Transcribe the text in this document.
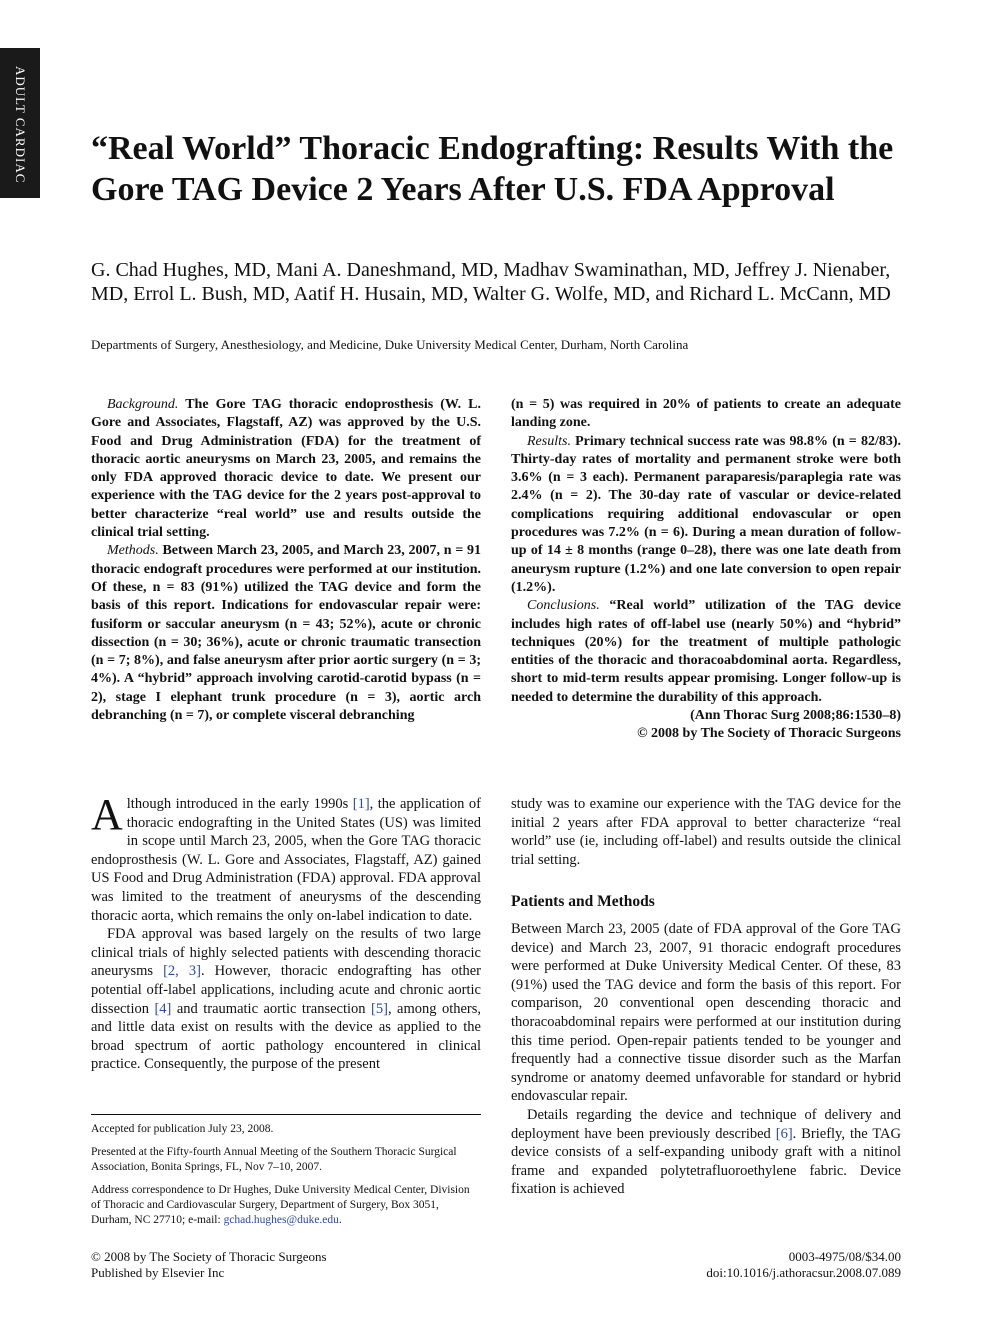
ADULT CARDIAC “Real World” Thoracic Endografting: Results With the Gore TAG Device 2 Years After U.S. FDA Approval

G. Chad Hughes, MD, Mani A. Daneshmand, MD, Madhav Swaminathan, MD, Jeffrey J. Nienaber, MD, Errol L. Bush, MD, Aatif H. Husain, MD, Walter G. Wolfe, MD, and Richard L. McCann, MD

Departments of Surgery, Anesthesiology, and Medicine, Duke University Medical Center, Durham, North Carolina

Background. The Gore TAG thoracic endoprosthesis (W. L. Gore and Associates, Flagstaff, AZ) was approved by the U.S. Food and Drug Administration (FDA) for the treatment of thoracic aortic aneurysms on March 23, 2005, and remains the only FDA approved thoracic device to date. We present our experience with the TAG device for the 2 years post-approval to better characterize “real world” use and results outside the clinical trial setting.

Methods. Between March 23, 2005, and March 23, 2007, n = 91 thoracic endograft procedures were performed at our institution. Of these, n = 83 (91%) utilized the TAG device and form the basis of this report. Indications for endovascular repair were: fusiform or saccular aneurysm (n = 43; 52%), acute or chronic dissection (n = 30; 36%), acute or chronic traumatic transection (n = 7; 8%), and false aneurysm after prior aortic surgery (n = 3; 4%). A “hybrid” approach involving carotid-carotid bypass (n = 2), stage I elephant trunk procedure (n = 3), aortic arch debranching (n = 7), or complete visceral debranching

(n = 5) was required in 20% of patients to create an adequate landing zone.

Results. Primary technical success rate was 98.8% (n = 82/83). Thirty-day rates of mortality and permanent stroke were both 3.6% (n = 3 each). Permanent paraparesis/paraplegia rate was 2.4% (n = 2). The 30-day rate of vascular or device-related complications requiring additional endovascular or open procedures was 7.2% (n = 6). During a mean duration of follow-up of 14 ± 8 months (range 0–28), there was one late death from aneurysm rupture (1.2%) and one late conversion to open repair (1.2%).

Conclusions. “Real world” utilization of the TAG device includes high rates of off-label use (nearly 50%) and “hybrid” techniques (20%) for the treatment of multiple pathologic entities of the thoracic and thoracoabdominal aorta. Regardless, short to mid-term results appear promising. Longer follow-up is needed to determine the durability of this approach.

(Ann Thorac Surg 2008;86:1530–8)

© 2008 by The Society of Thoracic Surgeons

Although introduced in the early 1990s [1], the application of thoracic endografting in the United States (US) was limited in scope until March 23, 2005, when the Gore TAG thoracic endoprosthesis (W. L. Gore and Associates, Flagstaff, AZ) gained US Food and Drug Administration (FDA) approval. FDA approval was limited to the treatment of aneurysms of the descending thoracic aorta, which remains the only on-label indication to date.

FDA approval was based largely on the results of two large clinical trials of highly selected patients with descending thoracic aneurysms [2, 3]. However, thoracic endografting has other potential off-label applications, including acute and chronic aortic dissection [4] and traumatic aortic transection [5], among others, and little data exist on results with the device as applied to the broad spectrum of aortic pathology encountered in clinical practice. Consequently, the purpose of the present

study was to examine our experience with the TAG device for the initial 2 years after FDA approval to better characterize “real world” use (ie, including off-label) and results outside the clinical trial setting.

Patients and Methods

Between March 23, 2005 (date of FDA approval of the Gore TAG device) and March 23, 2007, 91 thoracic endograft procedures were performed at Duke University Medical Center. Of these, 83 (91%) used the TAG device and form the basis of this report. For comparison, 20 conventional open descending thoracic and thoracoabdominal repairs were performed at our institution during this time period. Open-repair patients tended to be younger and frequently had a connective tissue disorder such as the Marfan syndrome or anatomy deemed unfavorable for standard or hybrid endovascular repair.

Details regarding the device and technique of delivery and deployment have been previously described [6]. Briefly, the TAG device consists of a self-expanding unibody graft with a nitinol frame and expanded polytetrafluoroethylene fabric. Device fixation is achieved

Accepted for publication July 23, 2008.

Presented at the Fifty-fourth Annual Meeting of the Southern Thoracic Surgical Association, Bonita Springs, FL, Nov 7–10, 2007.

Address correspondence to Dr Hughes, Duke University Medical Center, Division of Thoracic and Cardiovascular Surgery, Department of Surgery, Box 3051, Durham, NC 27710; e-mail: gchad.hughes@duke.edu.

© 2008 by The Society of Thoracic Surgeons
Published by Elsevier Inc
0003-4975/08/$34.00
doi:10.1016/j.athoracsur.2008.07.089
